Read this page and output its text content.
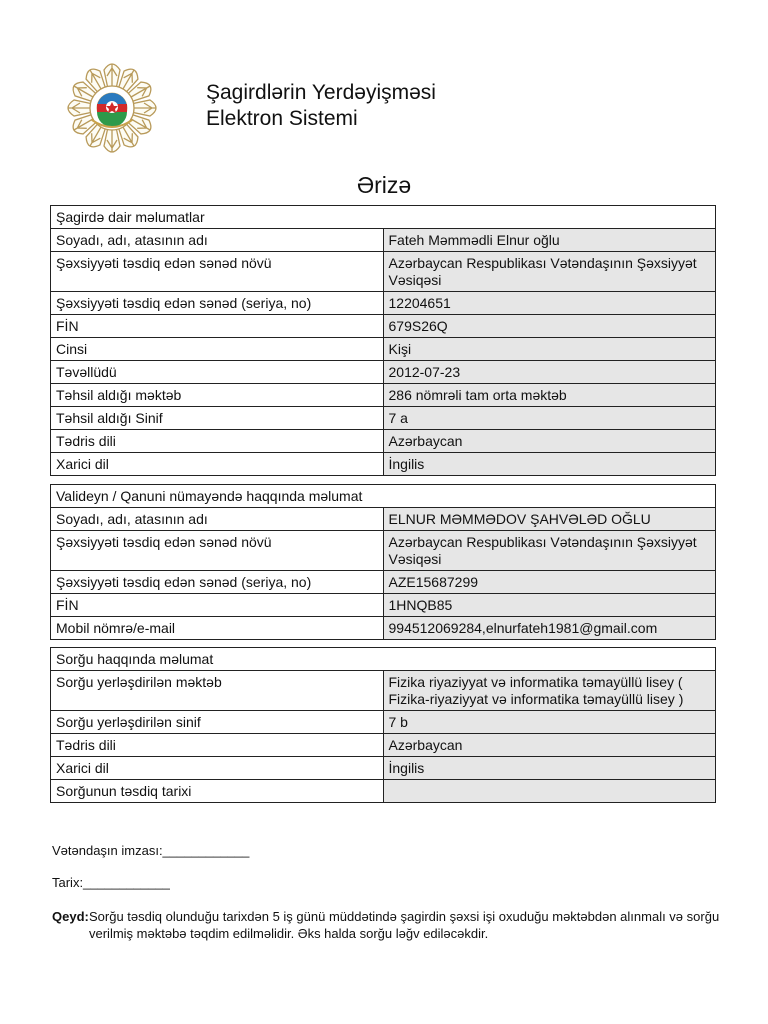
Şagirdlərin Yerdəyişməsi
Elektron Sistemi
Ərizə
Şagirdə dair məlumatlar	
Soyadı, adı, atasının adı	Fateh Məmmədli Elnur oğlu
Şəxsiyyəti təsdiq edən sənəd növü	Azərbaycan Respublikası Vətəndaşının Şəxsiyyət Vəsiqəsi
Şəxsiyyəti təsdiq edən sənəd (seriya, no)	12204651
FİN	679S26Q
Cinsi	Kişi
Təvəllüdü	2012-07-23
Təhsil aldığı məktəb	286 nömrəli tam orta məktəb
Təhsil aldığı Sinif	7 a
Tədris dili	Azərbaycan
Xarici dil	İngilis
Valideyn / Qanuni nümayəndə haqqında məlumat	
Soyadı, adı, atasının adı	ELNUR MƏMMƏDOV ŞAHVƏLƏD OĞLU
Şəxsiyyəti təsdiq edən sənəd növü	Azərbaycan Respublikası Vətəndaşının Şəxsiyyət Vəsiqəsi
Şəxsiyyəti təsdiq edən sənəd (seriya, no)	AZE15687299
FİN	1HNQB85
Mobil nömrə/e-mail	994512069284,elnurfateh1981@gmail.com
Sorğu haqqında məlumat	
Sorğu yerləşdirilən məktəb	Fizika riyaziyyat və informatika təmayüllü lisey ( Fizika-riyaziyyat və informatika təmayüllü lisey )
Sorğu yerləşdirilən sinif	7 b
Tədris dili	Azərbaycan
Xarici dil	İngilis
Sorğunun təsdiq tarixi	
Vətəndaşın imzası:____________
Tarix:____________
Qeyd: Sorğu təsdiq olunduğu tarixdən 5 iş günü müddətində şagirdin şəxsi işi oxuduğu məktəbdən alınmalı və sorğu verilmiş məktəbə təqdim edilməlidir. Əks halda sorğu ləğv ediləcəkdir.
